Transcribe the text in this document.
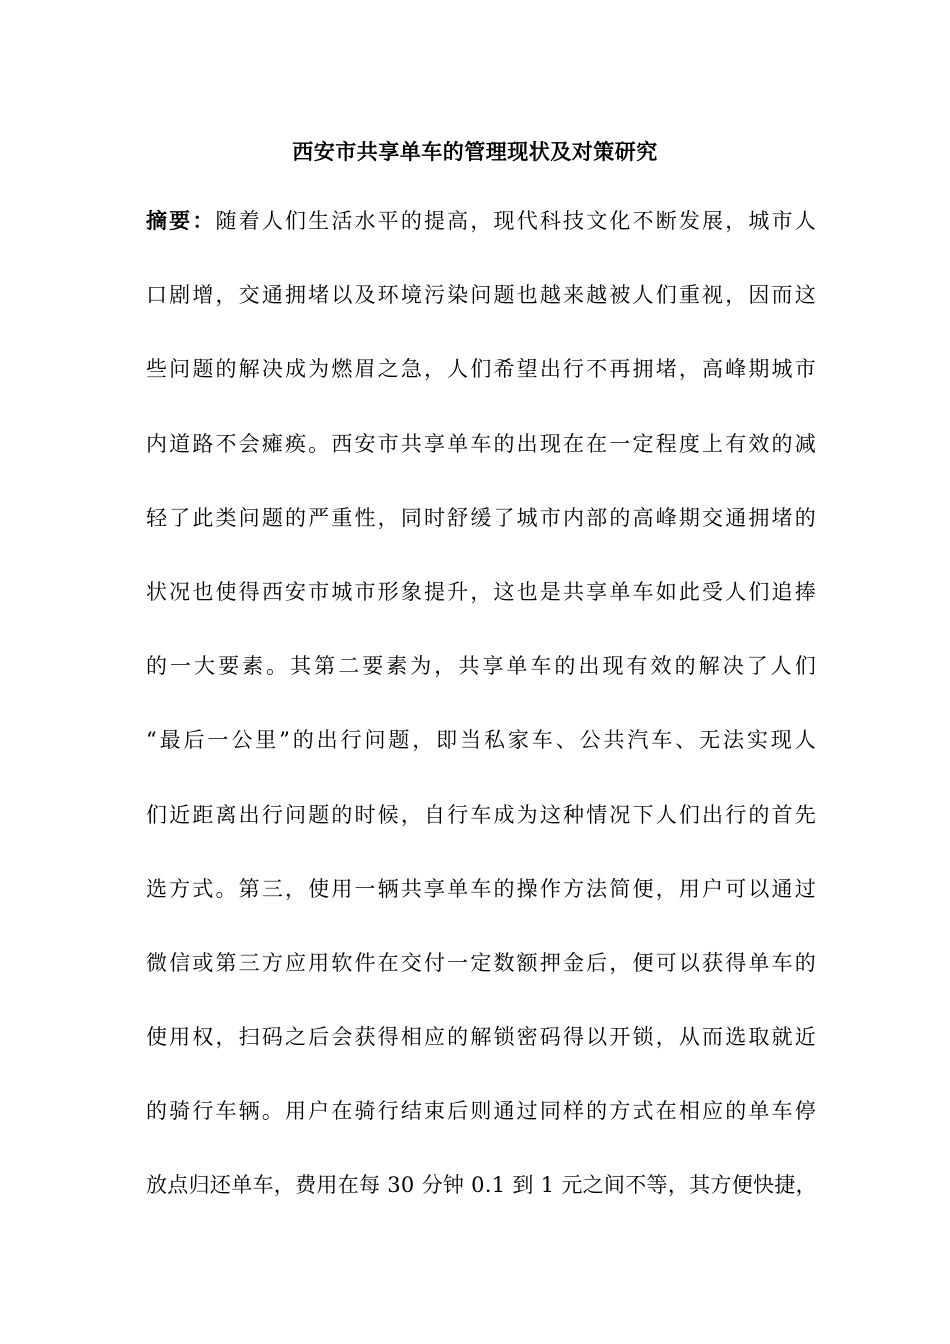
西安市共享单车的管理现状及对策研究
摘要：随着人们生活水平的提高，现代科技文化不断发展，城市人
口剧增，交通拥堵以及环境污染问题也越来越被人们重视，因而这
些问题的解决成为燃眉之急，人们希望出行不再拥堵，高峰期城市
内道路不会瘫痪。西安市共享单车的出现在在一定程度上有效的减
轻了此类问题的严重性，同时舒缓了城市内部的高峰期交通拥堵的
状况也使得西安市城市形象提升，这也是共享单车如此受人们追捧
的一大要素。其第二要素为，共享单车的出现有效的解决了人们
“最后一公里”的出行问题，即当私家车、公共汽车、无法实现人
们近距离出行问题的时候，自行车成为这种情况下人们出行的首先
选方式。第三，使用一辆共享单车的操作方法简便，用户可以通过
微信或第三方应用软件在交付一定数额押金后，便可以获得单车的
使用权，扫码之后会获得相应的解锁密码得以开锁，从而选取就近
的骑行车辆。用户在骑行结束后则通过同样的方式在相应的单车停
放点归还单车，费用在每 30 分钟 0.1 到 1 元之间不等，其方便快捷，
